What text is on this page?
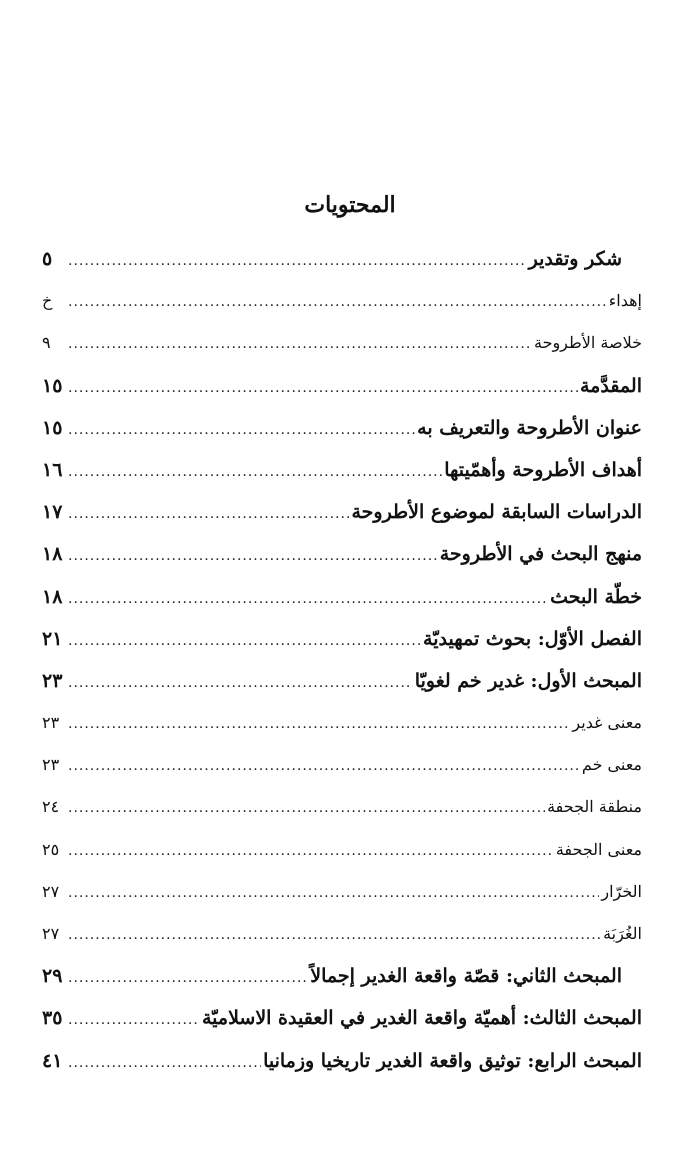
المحتويات
شكر وتقدير
.....
٥
إهداء
.....
خ
خلاصة الأطروحة
.....
٩
المقدَّمة
.....
١٥
عنوان الأطروحة والتعريف به
.....
١٥
أهداف الأطروحة وأهمّيتها
.....
١٦
الدراسات السابقة لموضوع الأطروحة
.....
١٧
منهج البحث في الأطروحة
.....
١٨
خطّة البحث
.....
١٨
الفصل الأوّل: بحوث تمهيديّة
.....
٢١
المبحث الأول: غدير خم لغويّا
.....
٢٣
معنى غدير
.....
٢٣
معنى خم
.....
٢٣
منطقة الجحفة
.....
٢٤
معنى الجحفة
.....
٢٥
الخرّار
.....
٢٧
الغُرَبَة
.....
٢٧
المبحث الثاني: قصّة واقعة الغدير إجمالاً
.....
٢٩
المبحث الثالث: أهميّة واقعة الغدير في العقيدة الاسلاميّة
.....
٣٥
المبحث الرابع: توثيق واقعة الغدير تاريخيا وزمانيا
.....
٤١
